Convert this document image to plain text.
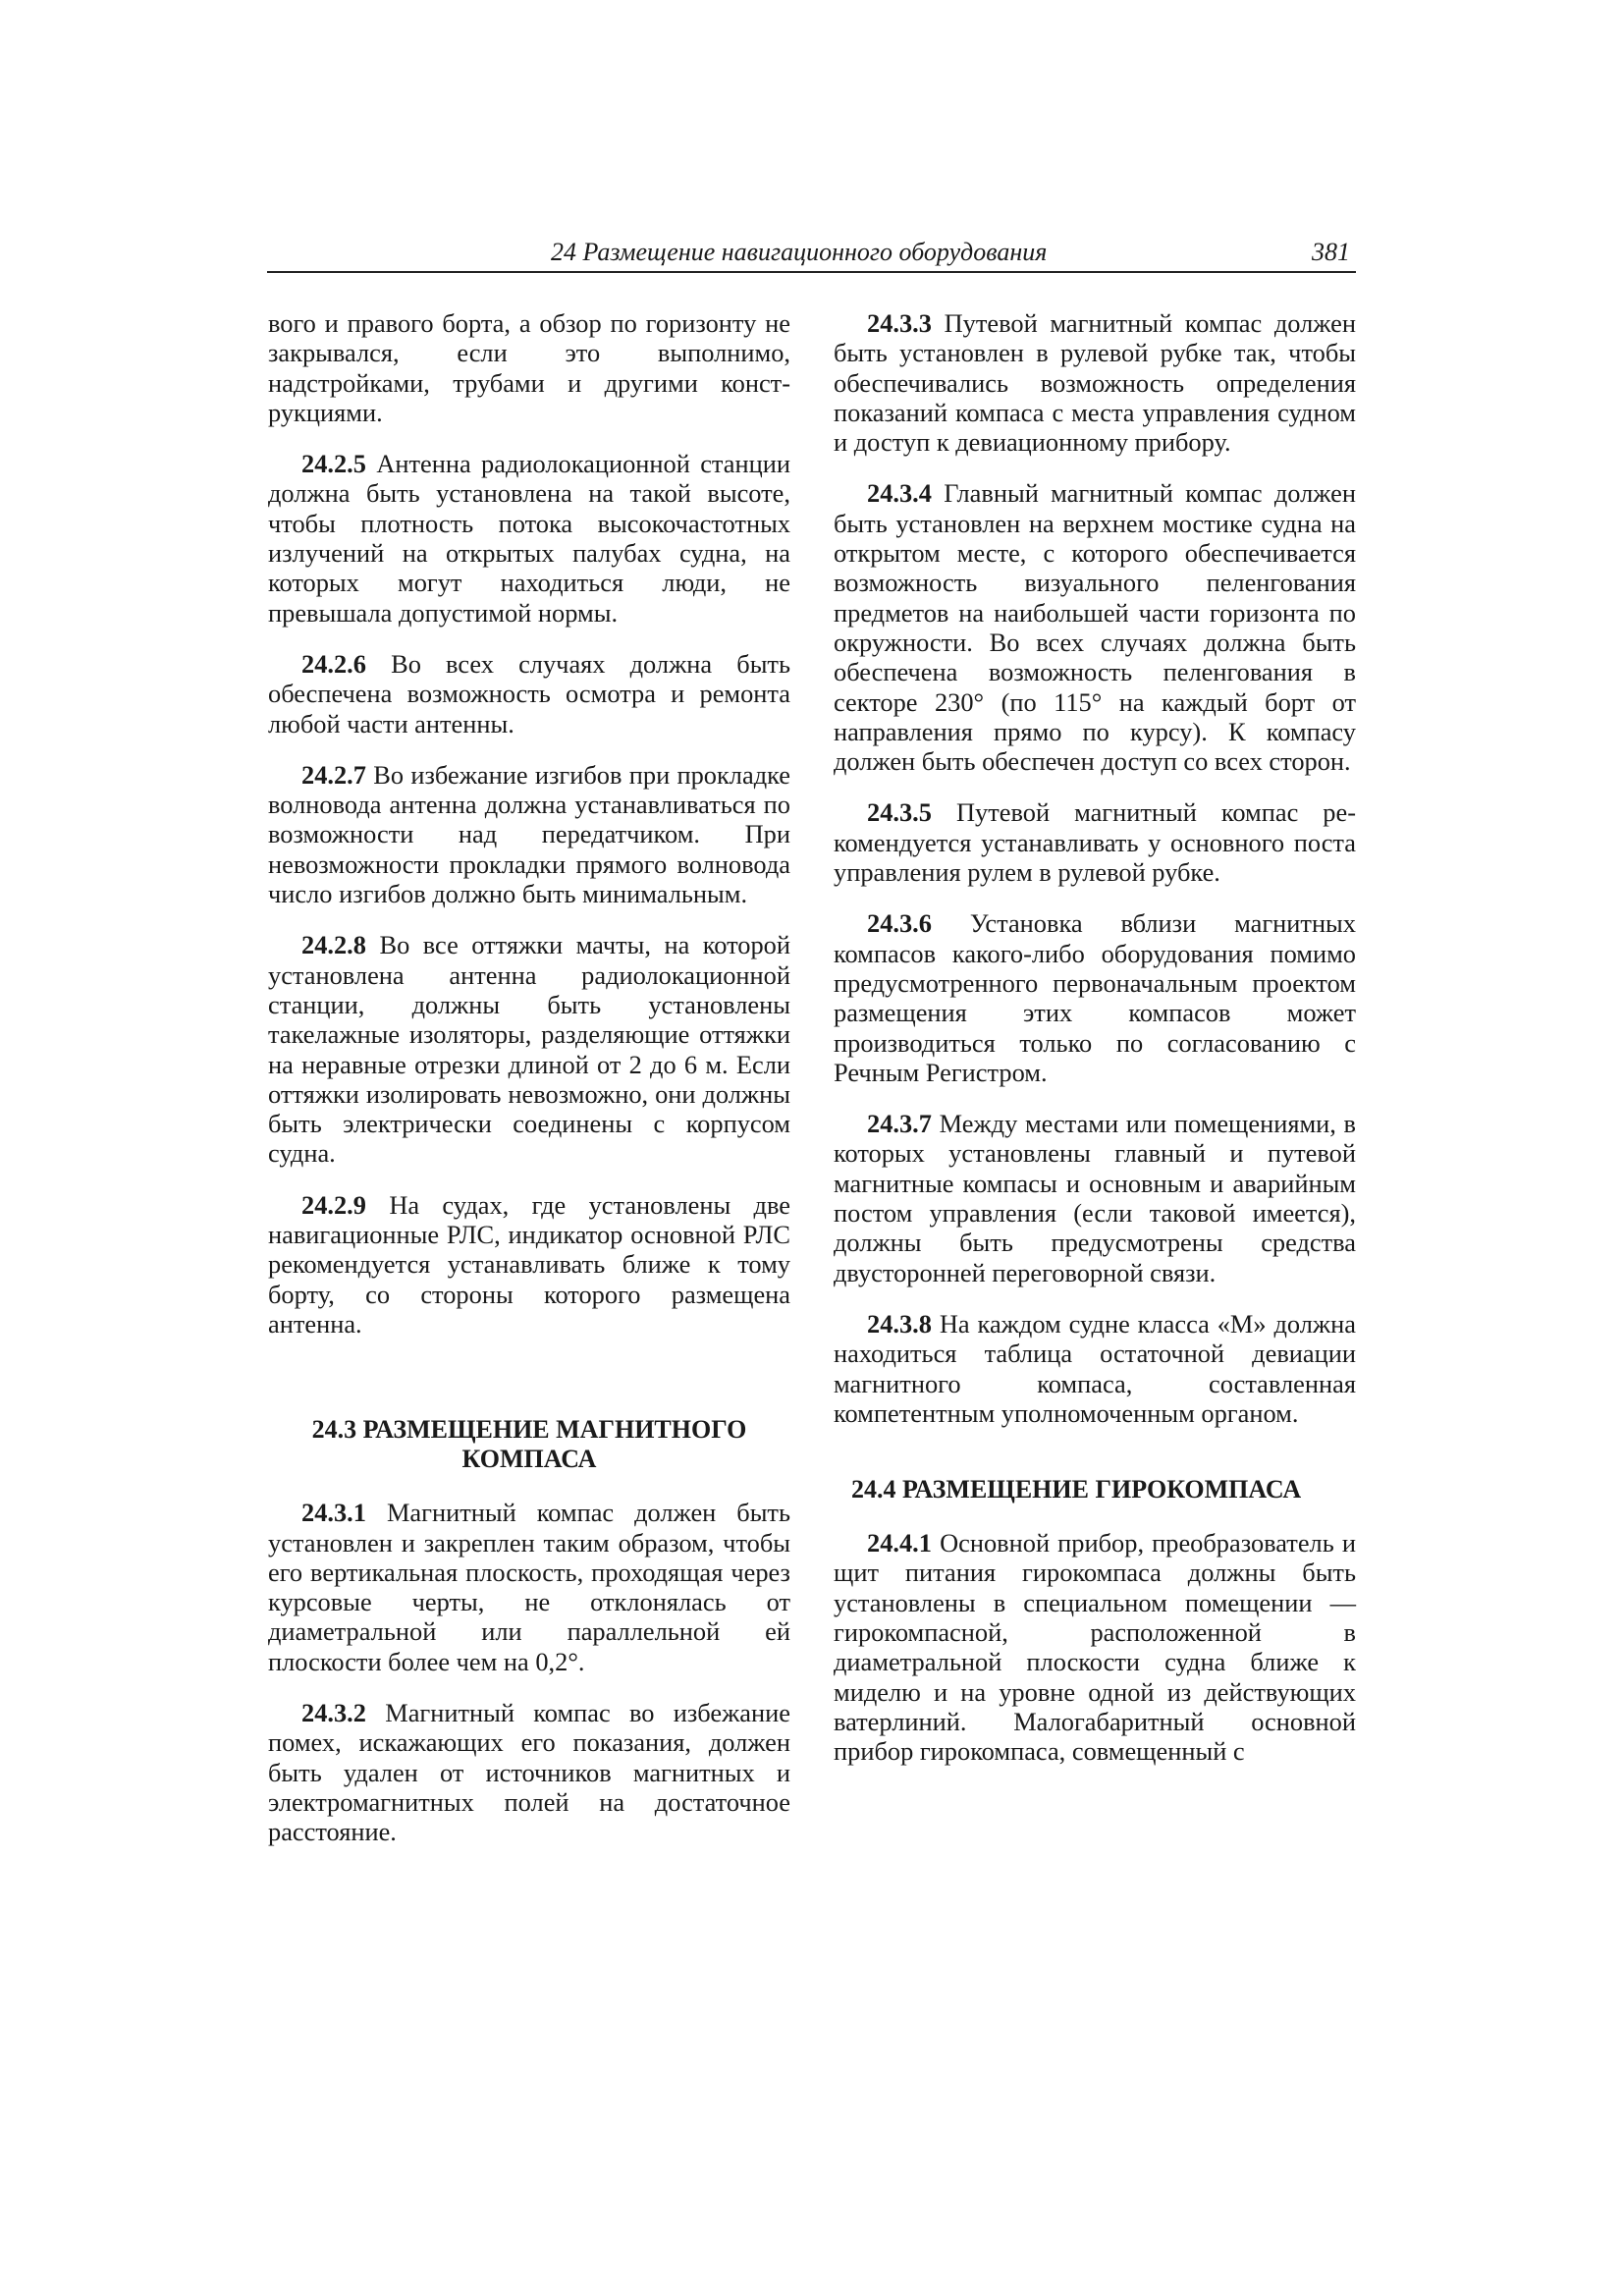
24 Размещение навигационного оборудования	381

вого и правого борта, а обзор по горизонту не закрывался, если это выполнимо, надстройками, трубами и другими конструкциями.

24.2.5 Антенна радиолокационной станции должна быть установлена на такой высоте, чтобы плотность потока высокочастотных излучений на открытых палубах судна, на которых могут находиться люди, не превышала допустимой нормы.

24.2.6 Во всех случаях должна быть обеспечена возможность осмотра и ремонта любой части антенны.

24.2.7 Во избежание изгибов при прокладке волновода антенна должна устанавливаться по возможности над передатчиком. При невозможности прокладки прямого волновода число изгибов должно быть минимальным.

24.2.8 Во все оттяжки мачты, на которой установлена антенна радиолокационной станции, должны быть установлены такелажные изоляторы, разделяющие оттяжки на неравные отрезки длиной от 2 до 6 м. Если оттяжки изолировать невозможно, они должны быть электрически соединены с корпусом судна.

24.2.9 На судах, где установлены две навигационные РЛС, индикатор основной РЛС рекомендуется устанавливать ближе к тому борту, со стороны которого размещена антенна.

24.3 РАЗМЕЩЕНИЕ МАГНИТНОГО
КОМПАСА

24.3.1 Магнитный компас должен быть установлен и закреплен таким образом, чтобы его вертикальная плоскость, проходящая через курсовые черты, не отклонялась от диаметральной или параллельной ей плоскости более чем на 0,2°.

24.3.2 Магнитный компас во избежание помех, искажающих его показания, должен быть удален от источников магнитных и электромагнитных полей на достаточное расстояние.

24.3.3 Путевой магнитный компас должен быть установлен в рулевой рубке так, чтобы обеспечивались возможность определения показаний компаса с места управления судном и доступ к девиационному прибору.

24.3.4 Главный магнитный компас должен быть установлен на верхнем мостике судна на открытом месте, с которого обеспечивается возможность визуального пеленгования предметов на наибольшей части горизонта по окружности. Во всех случаях должна быть обеспечена возможность пеленгования в секторе 230° (по 115° на каждый борт от направления прямо по курсу). К компасу должен быть обеспечен доступ со всех сторон.

24.3.5 Путевой магнитный компас рекомендуется устанавливать у основного поста управления рулем в рулевой рубке.

24.3.6 Установка вблизи магнитных компасов какого-либо оборудования помимо предусмотренного первоначальным проектом размещения этих компасов может производиться только по согласованию с Речным Регистром.

24.3.7 Между местами или помещениями, в которых установлены главный и путевой магнитные компасы и основным и аварийным постом управления (если таковой имеется), должны быть предусмотрены средства двусторонней переговорной связи.

24.3.8 На каждом судне класса «М» должна находиться таблица остаточной девиации магнитного компаса, составленная компетентным уполномоченным органом.

24.4 РАЗМЕЩЕНИЕ ГИРОКОМПАСА

24.4.1 Основной прибор, преобразователь и щит питания гирокомпаса должны быть установлены в специальном помещении — гирокомпасной, расположенной в диаметральной плоскости судна ближе к миделю и на уровне одной из действующих ватерлиний. Малогабаритный основной прибор гирокомпаса, совмещенный с
